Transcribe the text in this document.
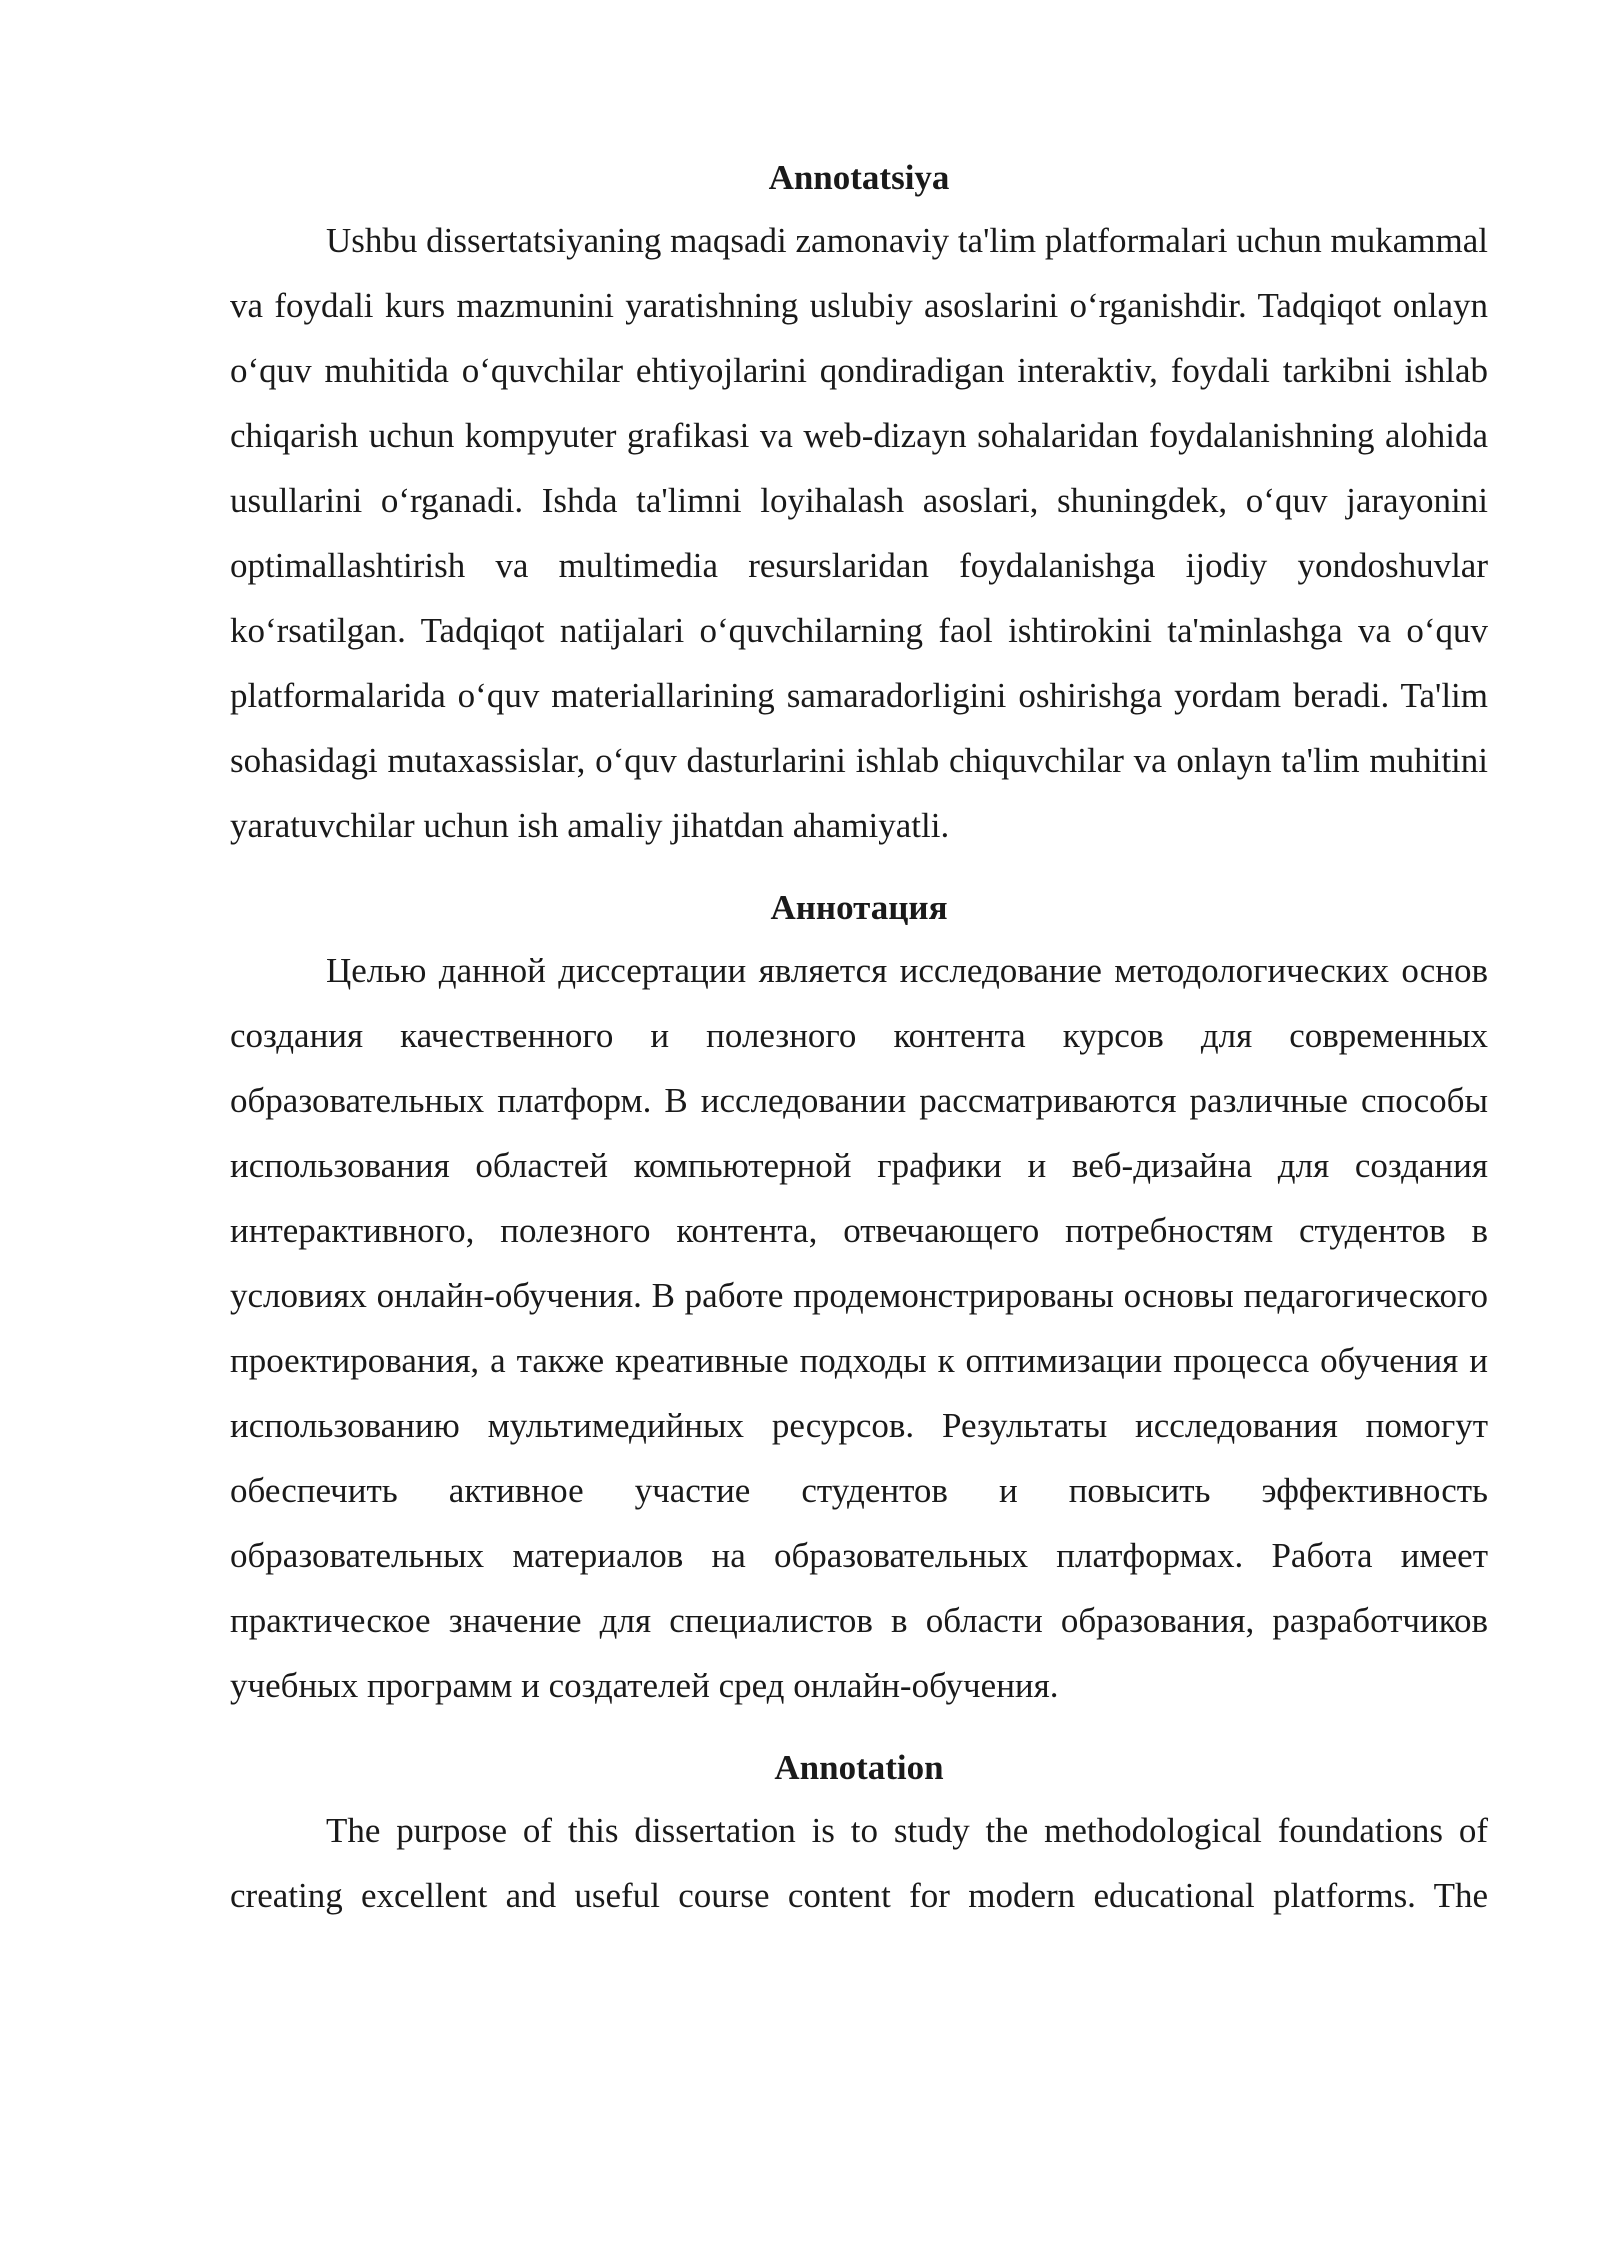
Annotatsiya

Ushbu dissertatsiyaning maqsadi zamonaviy ta'lim platformalari uchun mukammal va foydali kurs mazmunini yaratishning uslubiy asoslarini oʻrganishdir. Tadqiqot onlayn oʻquv muhitida oʻquvchilar ehtiyojlarini qondiradigan interaktiv, foydali tarkibni ishlab chiqarish uchun kompyuter grafikasi va web-dizayn sohalaridan foydalanishning alohida usullarini oʻrganadi. Ishda ta'limni loyihalash asoslari, shuningdek, oʻquv jarayonini optimallashtirish va multimedia resurslaridan foydalanishga ijodiy yondoshuvlar koʻrsatilgan. Tadqiqot natijalari oʻquvchilarning faol ishtirokini ta'minlashga va oʻquv platformalarida oʻquv materiallarining samaradorligini oshirishga yordam beradi. Ta'lim sohasidagi mutaxassislar, oʻquv dasturlarini ishlab chiquvchilar va onlayn ta'lim muhitini yaratuvchilar uchun ish amaliy jihatdan ahamiyatli.

Аннотация

Целью данной диссертации является исследование методологических основ создания качественного и полезного контента курсов для современных образовательных платформ. В исследовании рассматриваются различные способы использования областей компьютерной графики и веб-дизайна для создания интерактивного, полезного контента, отвечающего потребностям студентов в условиях онлайн-обучения. В работе продемонстрированы основы педагогического проектирования, а также креативные подходы к оптимизации процесса обучения и использованию мультимедийных ресурсов. Результаты исследования помогут обеспечить активное участие студентов и повысить эффективность образовательных материалов на образовательных платформах. Работа имеет практическое значение для специалистов в области образования, разработчиков учебных программ и создателей сред онлайн-обучения.

Annotation

The purpose of this dissertation is to study the methodological foundations of creating excellent and useful course content for modern educational platforms. The
